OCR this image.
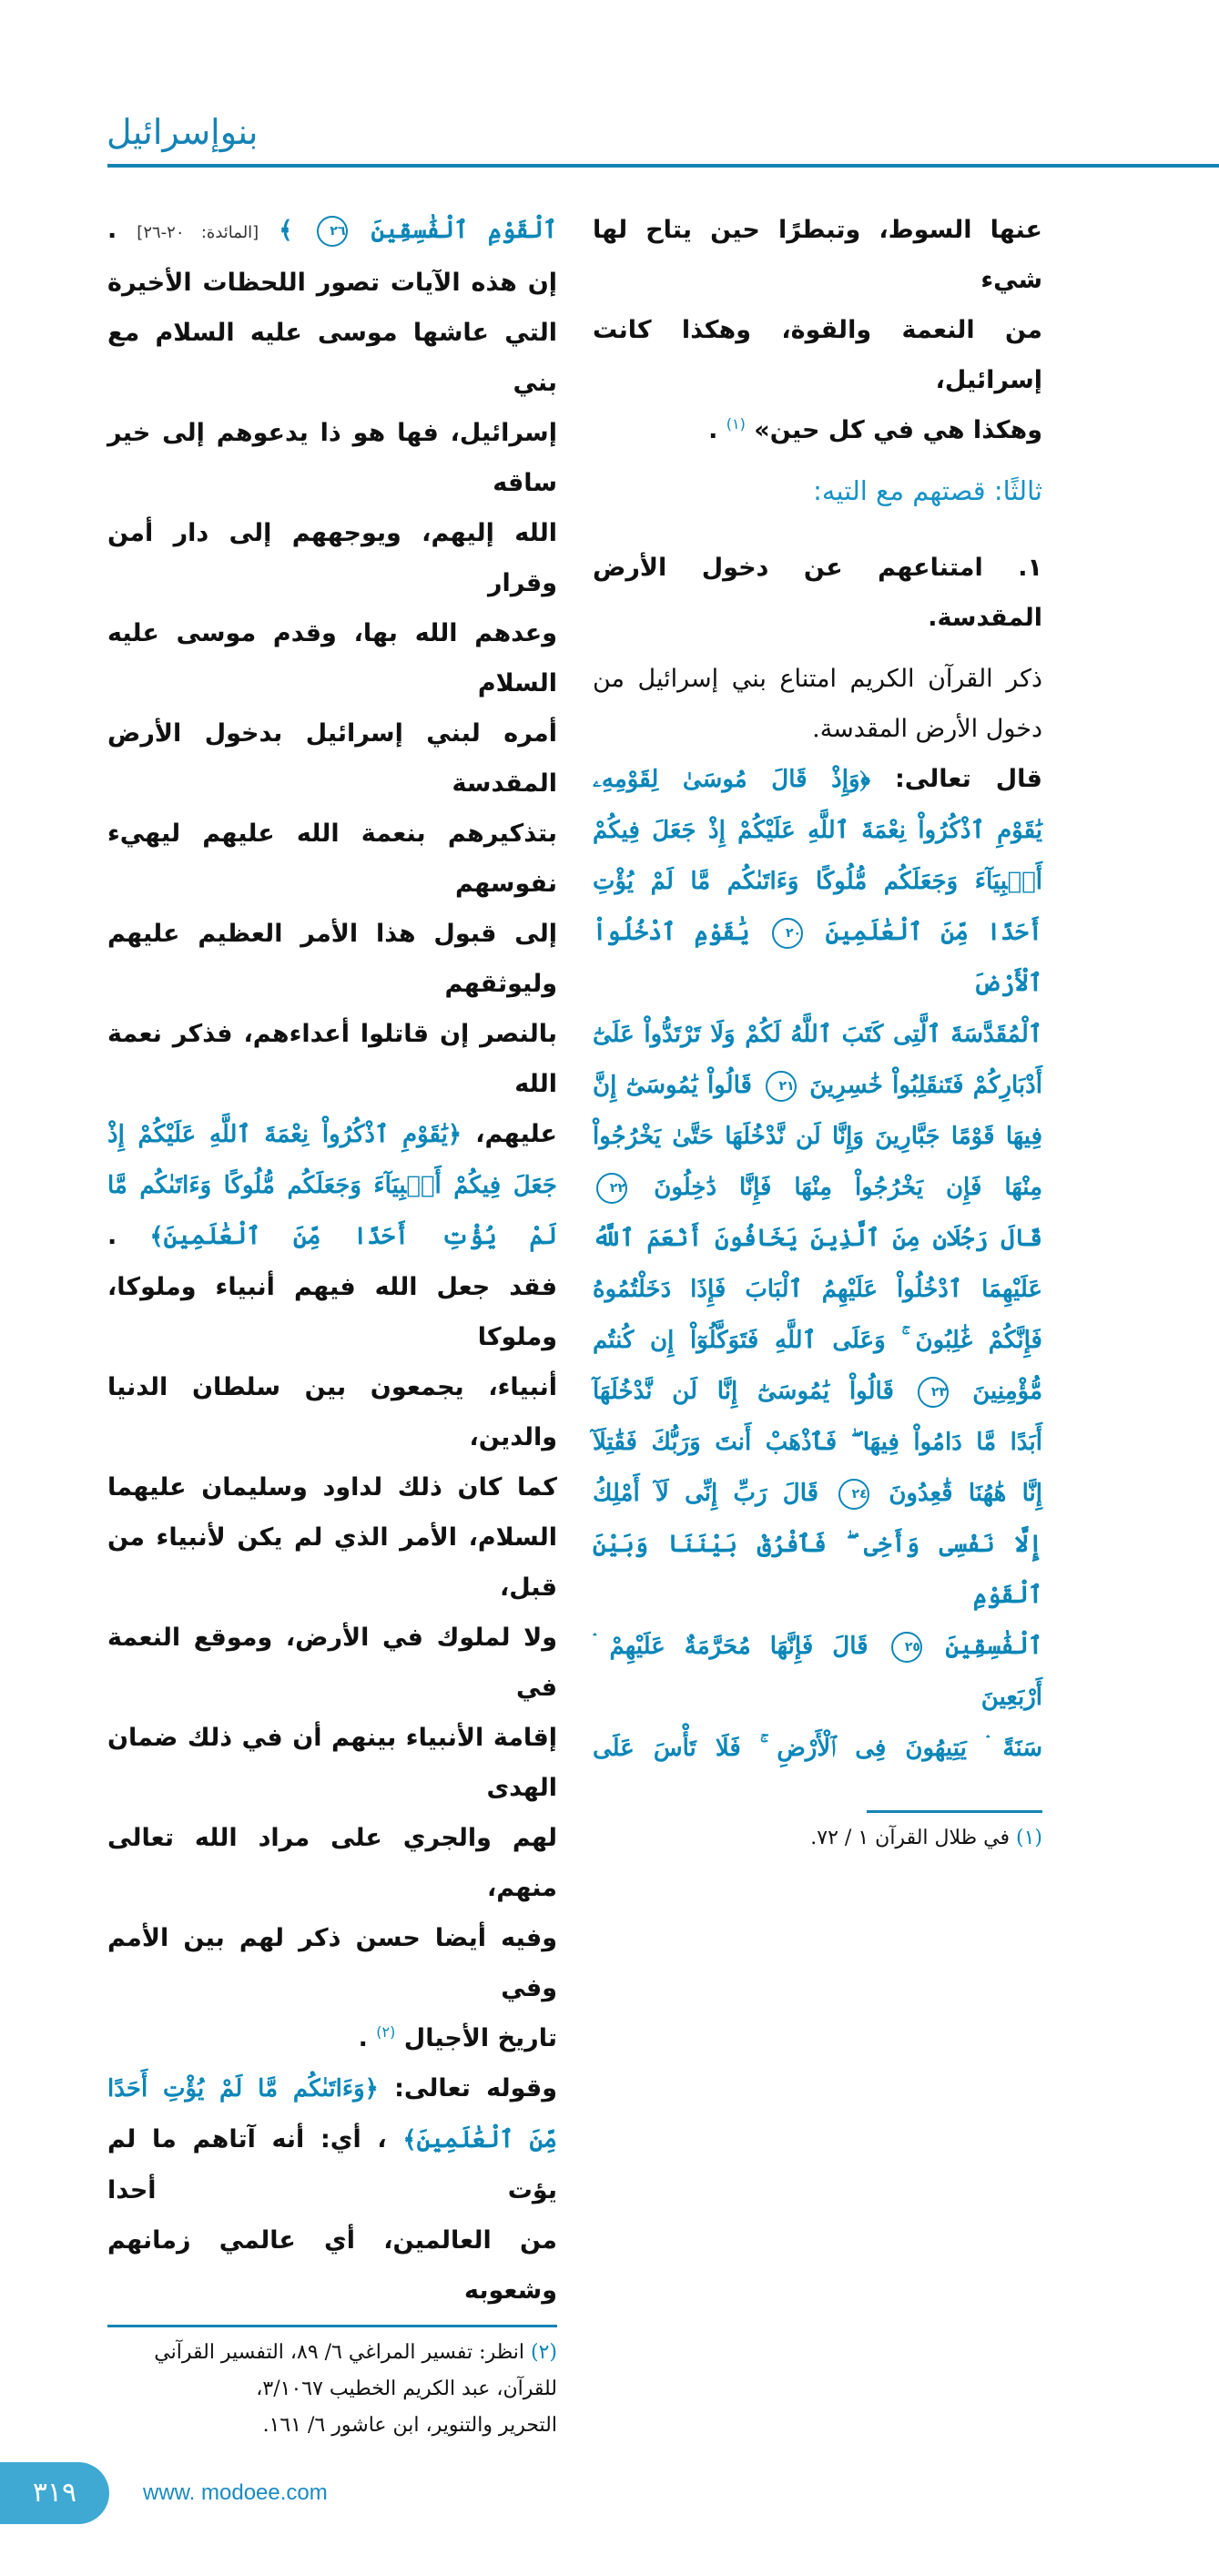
بنوإسرائيل
ٱلْقَوْمِ ٱلْفَٰسِقِينَ ٢٦ ﴾ [المائدة: ٢٠-٢٦] .
إن هذه الآيات تصور اللحظات الأخيرة
التي عاشها موسى عليه السلام مع بني
إسرائيل، فها هو ذا يدعوهم إلى خير ساقه
الله إليهم، ويوجههم إلى دار أمن وقرار
وعدهم الله بها، وقدم موسى عليه السلام
أمره لبني إسرائيل بدخول الأرض المقدسة
بتذكيرهم بنعمة الله عليهم ليهيء نفوسهم
إلى قبول هذا الأمر العظيم عليهم وليوثقهم
بالنصر إن قاتلوا أعداءهم، فذكر نعمة الله
عليهم، ﴿يَٰقَوْمِ ٱذْكُرُواْ نِعْمَةَ ٱللَّهِ عَلَيْكُمْ إِذْ
جَعَلَ فِيكُمْ أَنۢبِيَآءَ وَجَعَلَكُم مُّلُوكًا وَءَاتَىٰكُم مَّا
لَمْ يُؤْتِ أَحَدًا مِّنَ ٱلْعَٰلَمِينَ﴾ .
فقد جعل الله فيهم أنبياء وملوكا، وملوكا
أنبياء، يجمعون بين سلطان الدنيا والدين،
كما كان ذلك لداود وسليمان عليهما
السلام، الأمر الذي لم يكن لأنبياء من قبل،
ولا لملوك في الأرض، وموقع النعمة في
إقامة الأنبياء بينهم أن في ذلك ضمان الهدى
لهم والجري على مراد الله تعالى منهم،
وفيه أيضا حسن ذكر لهم بين الأمم وفي
تاريخ الأجيال $^{(٢)}$ .
وقوله تعالى: ﴿وَءَاتَىٰكُم مَّا لَمْ يُؤْتِ أَحَدًا
مِّنَ ٱلْعَٰلَمِينَ﴾ ، أي: أنه آتاهم ما لم يؤت أحدا
من العالمين، أي عالمي زمانهم وشعوبه
(٢) انظر: تفسير المراغي ٦/ ٨٩، التفسير القرآني
للقرآن، عبد الكريم الخطيب ٣/١٠٦٧،
التحرير والتنوير، ابن عاشور ٦/ ١٦١.
عنها السوط، وتبطرًا حين يتاح لها شيء
من النعمة والقوة، وهكذا كانت إسرائيل،
وهكذا هي في كل حين» $^{(١)}$ .
ثالثًا: قصتهم مع التيه:
١. امتناعهم عن دخول الأرض
المقدسة.
ذكر القرآن الكريم امتناع بني إسرائيل من
دخول الأرض المقدسة.
قال تعالى: ﴿وَإِذْ قَالَ مُوسَىٰ لِقَوْمِهِۦ
يَٰقَوْمِ ٱذْكُرُواْ نِعْمَةَ ٱللَّهِ عَلَيْكُمْ إِذْ جَعَلَ فِيكُمْ
أَنۢبِيَآءَ وَجَعَلَكُم مُّلُوكًا وَءَاتَىٰكُم مَّا لَمْ يُؤْتِ
أَحَدًا مِّنَ ٱلْعَٰلَمِينَ ٢٠ يَٰقَوْمِ ٱدْخُلُواْ ٱلْأَرْضَ
ٱلْمُقَدَّسَةَ ٱلَّتِى كَتَبَ ٱللَّهُ لَكُمْ وَلَا تَرْتَدُّواْ عَلَىٰٓ
أَدْبَارِكُمْ فَتَنقَلِبُواْ خَٰسِرِينَ ٢١ قَالُواْ يَٰمُوسَىٰٓ إِنَّ
فِيهَا قَوْمًا جَبَّارِينَ وَإِنَّا لَن نَّدْخُلَهَا حَتَّىٰ يَخْرُجُواْ
مِنْهَا فَإِن يَخْرُجُواْ مِنْهَا فَإِنَّا دَٰخِلُونَ ٢٢
قَالَ رَجُلَانِ مِنَ ٱلَّذِينَ يَخَافُونَ أَنْعَمَ ٱللَّهُ
عَلَيْهِمَا ٱدْخُلُواْ عَلَيْهِمُ ٱلْبَابَ فَإِذَا دَخَلْتُمُوهُ
فَإِنَّكُمْ غَٰلِبُونَ ۚ وَعَلَى ٱللَّهِ فَتَوَكَّلُوٓاْ إِن كُنتُم
مُّؤْمِنِينَ ٢٣ قَالُواْ يَٰمُوسَىٰٓ إِنَّا لَن نَّدْخُلَهَآ
أَبَدًا مَّا دَامُواْ فِيهَا ۖ فَٱذْهَبْ أَنتَ وَرَبُّكَ فَقَٰتِلَآ
إِنَّا هَٰهُنَا قَٰعِدُونَ ٢٤ قَالَ رَبِّ إِنِّى لَآ أَمْلِكُ
إِلَّا نَفْسِى وَأَخِى ۖ فَٱفْرُقْ بَيْنَنَا وَبَيْنَ ٱلْقَوْمِ
ٱلْفَٰسِقِينَ ٢٥ قَالَ فَإِنَّهَا مُحَرَّمَةٌ عَلَيْهِمْ ۛ أَرْبَعِينَ
سَنَةً ۛ يَتِيهُونَ فِى ٱلْأَرْضِ ۚ فَلَا تَأْسَ عَلَى
(١) في ظلال القرآن ١ / ٧٢.
٣١٩	www. modoee.com
